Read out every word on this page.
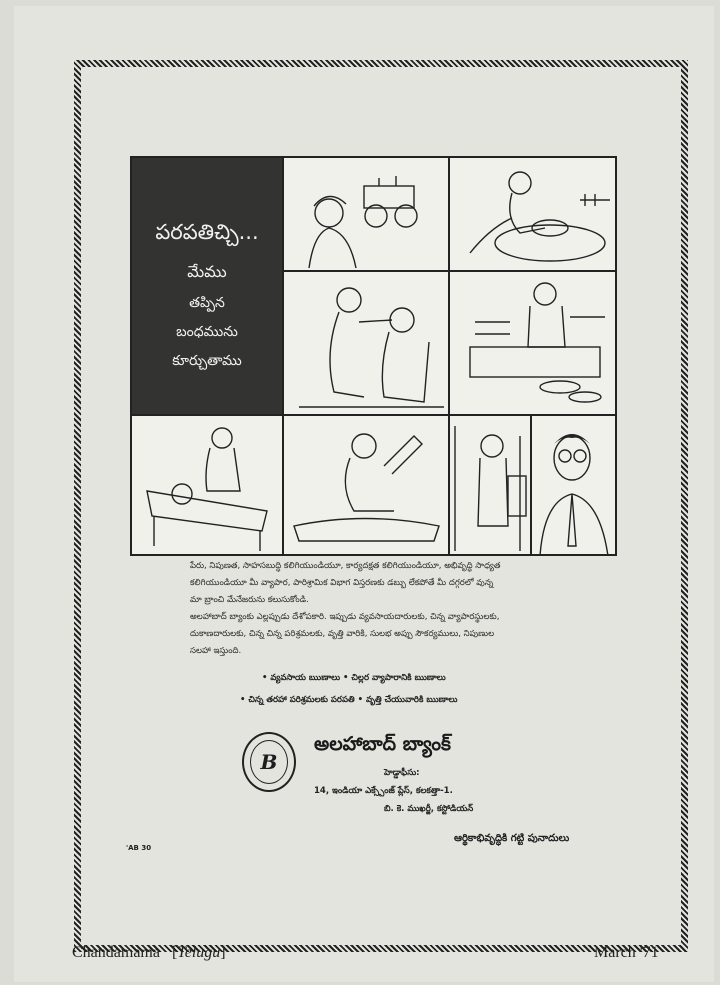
పరపతిచ్చి...
మేము
తప్పిన
బంధమును
కూర్చుతాము
పేరు, నిపుణత, సాహసబుద్ధి కలిగియుండియూ, కార్యదక్షత కలిగియుండియూ, అభివృద్ధి సాధ్యత
కలిగియుండియూ మీ వ్యాపార, పారిశ్రామిక విభాగ విస్తరణకు డబ్బు లేకపోతే మీ దగ్గరలో వున్న
మా బ్రాంచి మేనేజరును కలుసుకోండి.
అలహాబాద్ బ్యాంకు ఎల్లప్పుడు దేశోపకారి. ఇప్పుడు వ్యవసాయదారులకు, చిన్న వ్యాపారస్థులకు,
దుకాణదారులకు, చిన్న చిన్న పరిశ్రమలకు, వృత్తి వారికి, సులభ అప్పు సౌకర్యములు, నిపుణుల
సలహా ఇస్తుంది.
• వ్యవసాయ ఋణాలు • చిల్లర వ్యాపారానికి ఋణాలు
• చిన్న తరహా పరిశ్రమలకు పరపతి • వృత్తి చేయువారికి ఋణాలు
B
అలహాబాద్ బ్యాంక్
హెడ్డాఫీసు:
14, ఇండియా ఎక్స్చేంజ్ ప్లేస్, కలకత్తా-1.
బి. కె. ముఖర్జీ, కస్టోడియన్
ఆర్థికాభివృద్ధికి గట్టి పునాదులు
'AB 30
Chandamama [Telugu]	March '71
